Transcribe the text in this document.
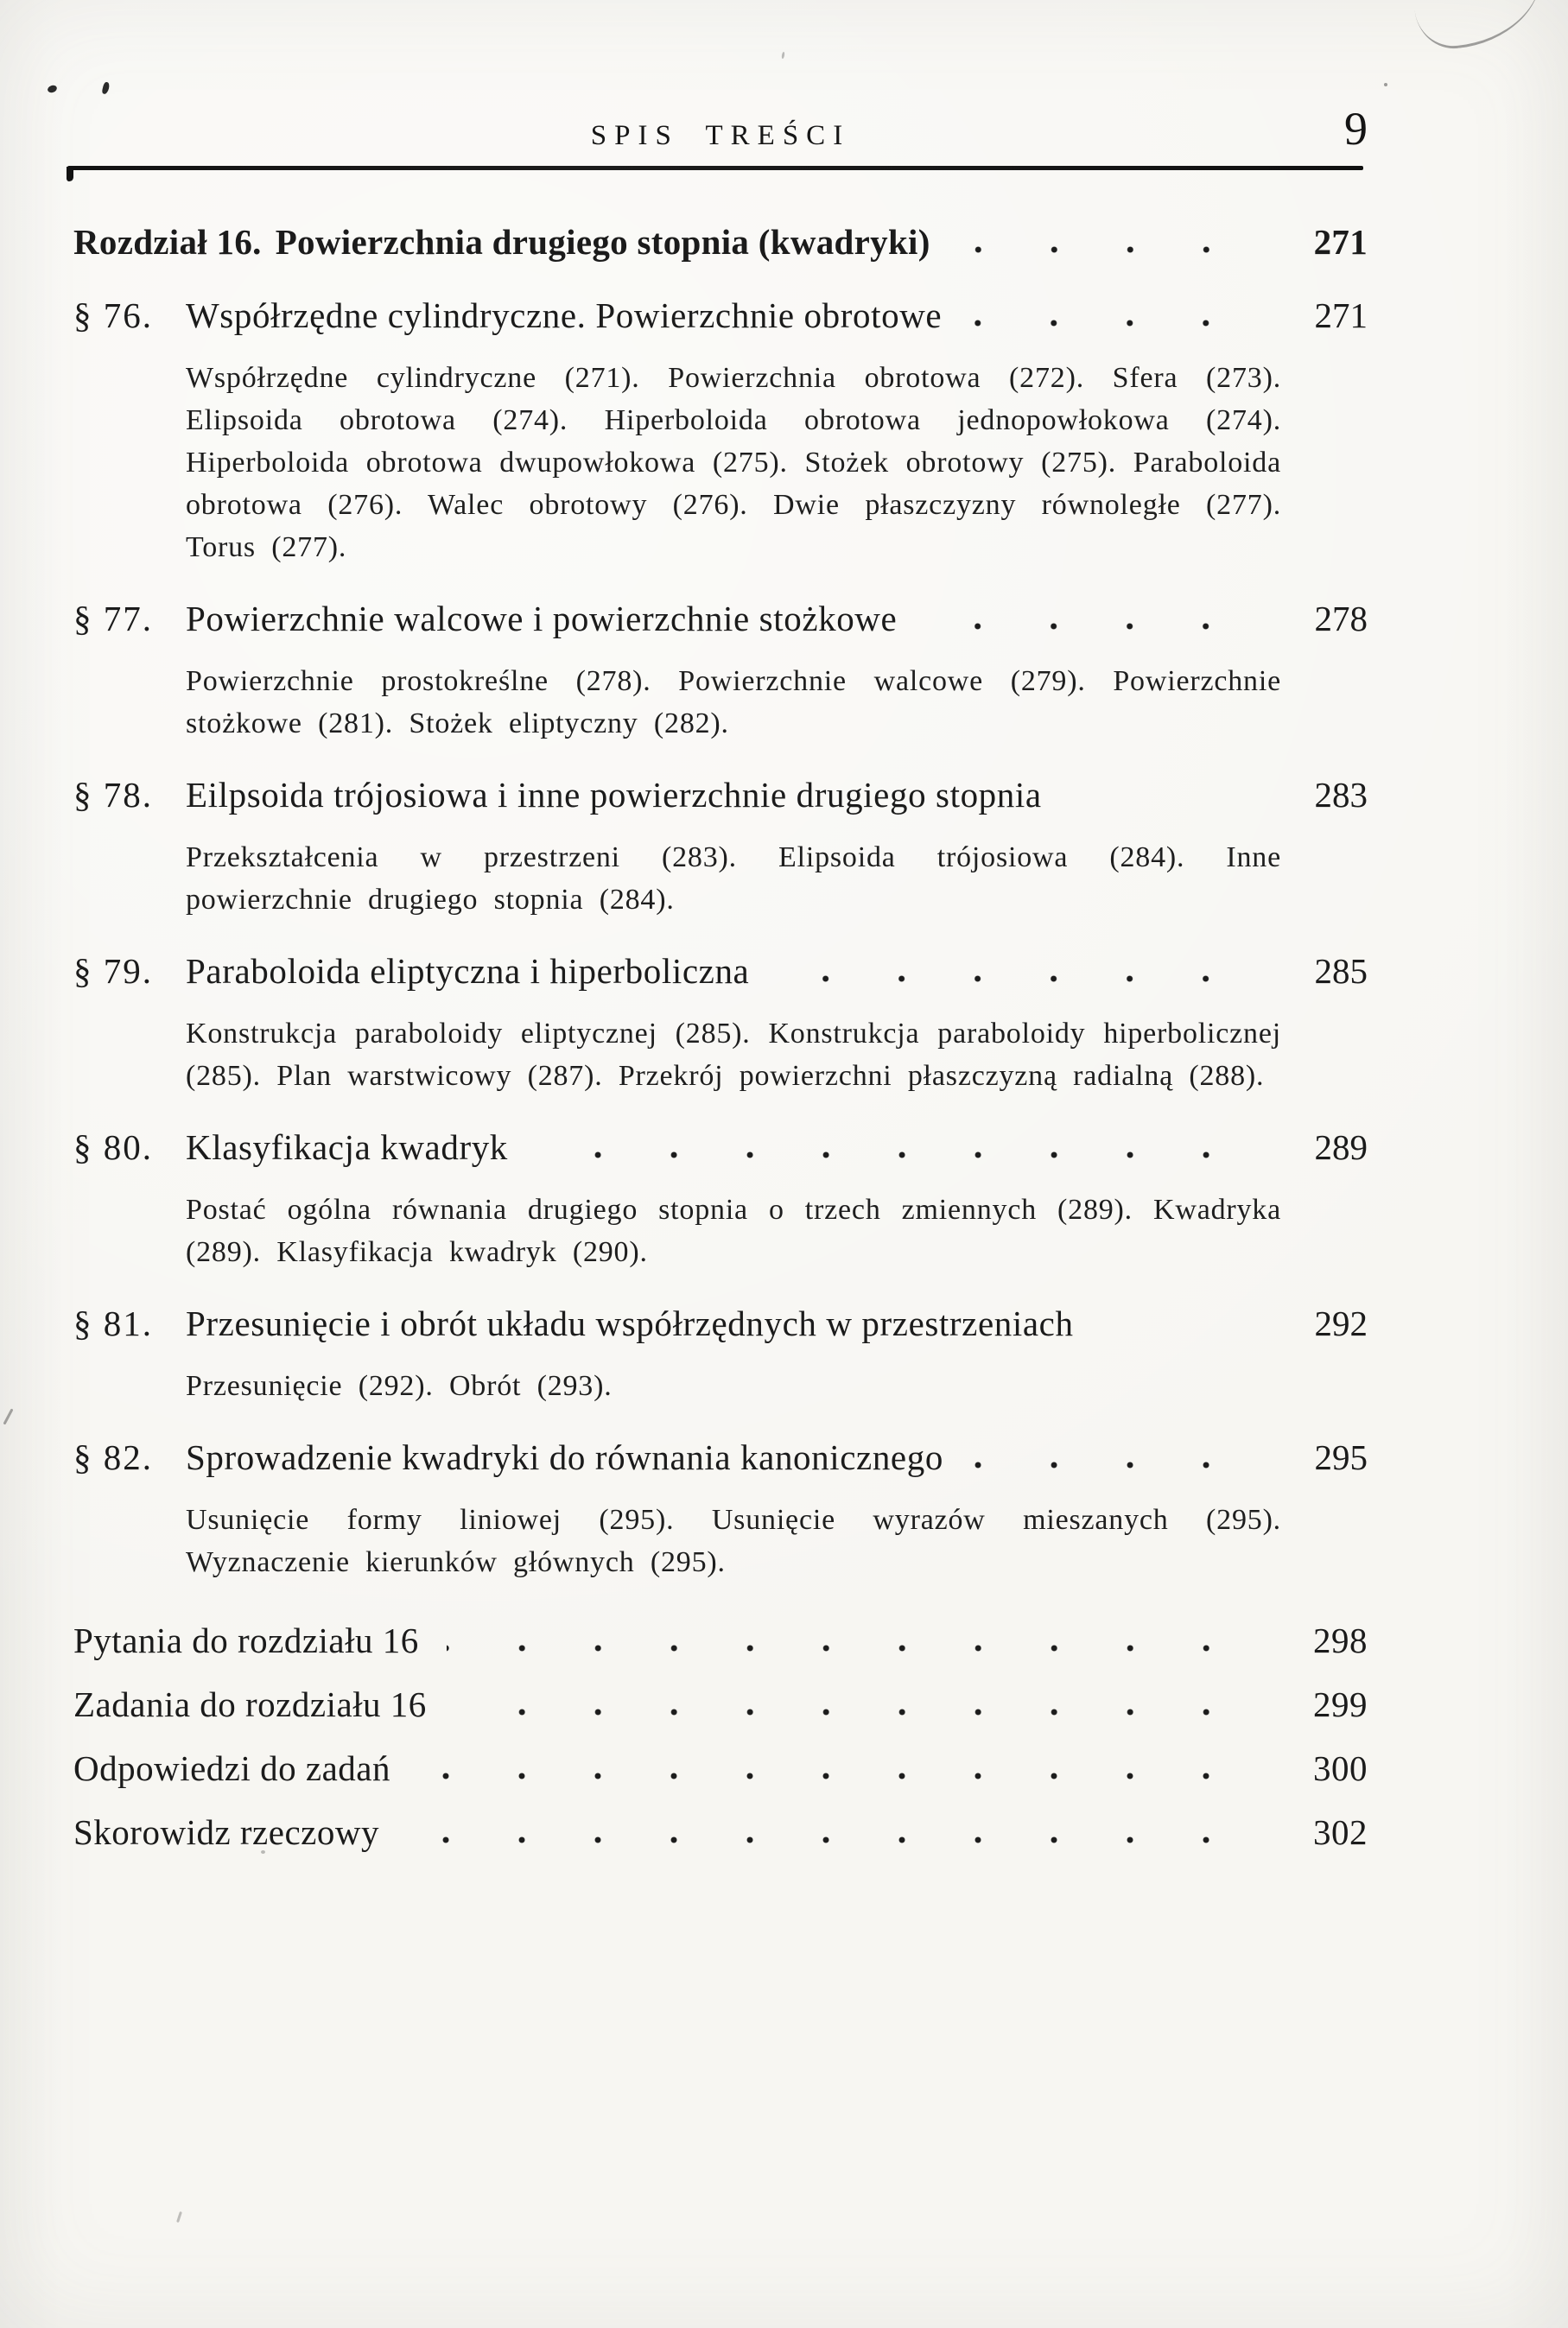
SPIS TREŚCI	9
Rozdział 16. Powierzchnia drugiego stopnia (kwadryki)	271
§ 76. Współrzędne cylindryczne. Powierzchnie obrotowe	271

Współrzędne cylindryczne (271). Powierzchnia obrotowa (272). Sfera (273). Elipsoida obrotowa (274). Hiperboloida obrotowa jednopowłokowa (274). Hiperboloida obrotowa dwupowłokowa (275). Stożek obrotowy (275). Paraboloida obrotowa (276). Walec obrotowy (276). Dwie płaszczyzny równoległe (277). Torus (277).

§ 77. Powierzchnie walcowe i powierzchnie stożkowe	278

Powierzchnie prostokreślne (278). Powierzchnie walcowe (279). Powierzchnie stożkowe (281). Stożek eliptyczny (282).

§ 78. Eilpsoida trójosiowa i inne powierzchnie drugiego stopnia	283

Przekształcenia w przestrzeni (283). Elipsoida trójosiowa (284). Inne powierzchnie drugiego stopnia (284).

§ 79. Paraboloida eliptyczna i hiperboliczna	285

Konstrukcja paraboloidy eliptycznej (285). Konstrukcja paraboloidy hiperbolicznej (285). Plan warstwicowy (287). Przekrój powierzchni płaszczyzną radialną (288).

§ 80. Klasyfikacja kwadryk	289

Postać ogólna równania drugiego stopnia o trzech zmiennych (289). Kwadryka (289). Klasyfikacja kwadryk (290).

§ 81. Przesunięcie i obrót układu współrzędnych w przestrzeniach	292

Przesunięcie (292). Obrót (293).

§ 82. Sprowadzenie kwadryki do równania kanonicznego	295

Usunięcie formy liniowej (295). Usunięcie wyrazów mieszanych (295). Wyznaczenie kierunków głównych (295).

Pytania do rozdziału 16	298
Zadania do rozdziału 16	299
Odpowiedzi do zadań	300
Skorowidz rzeczowy	302
